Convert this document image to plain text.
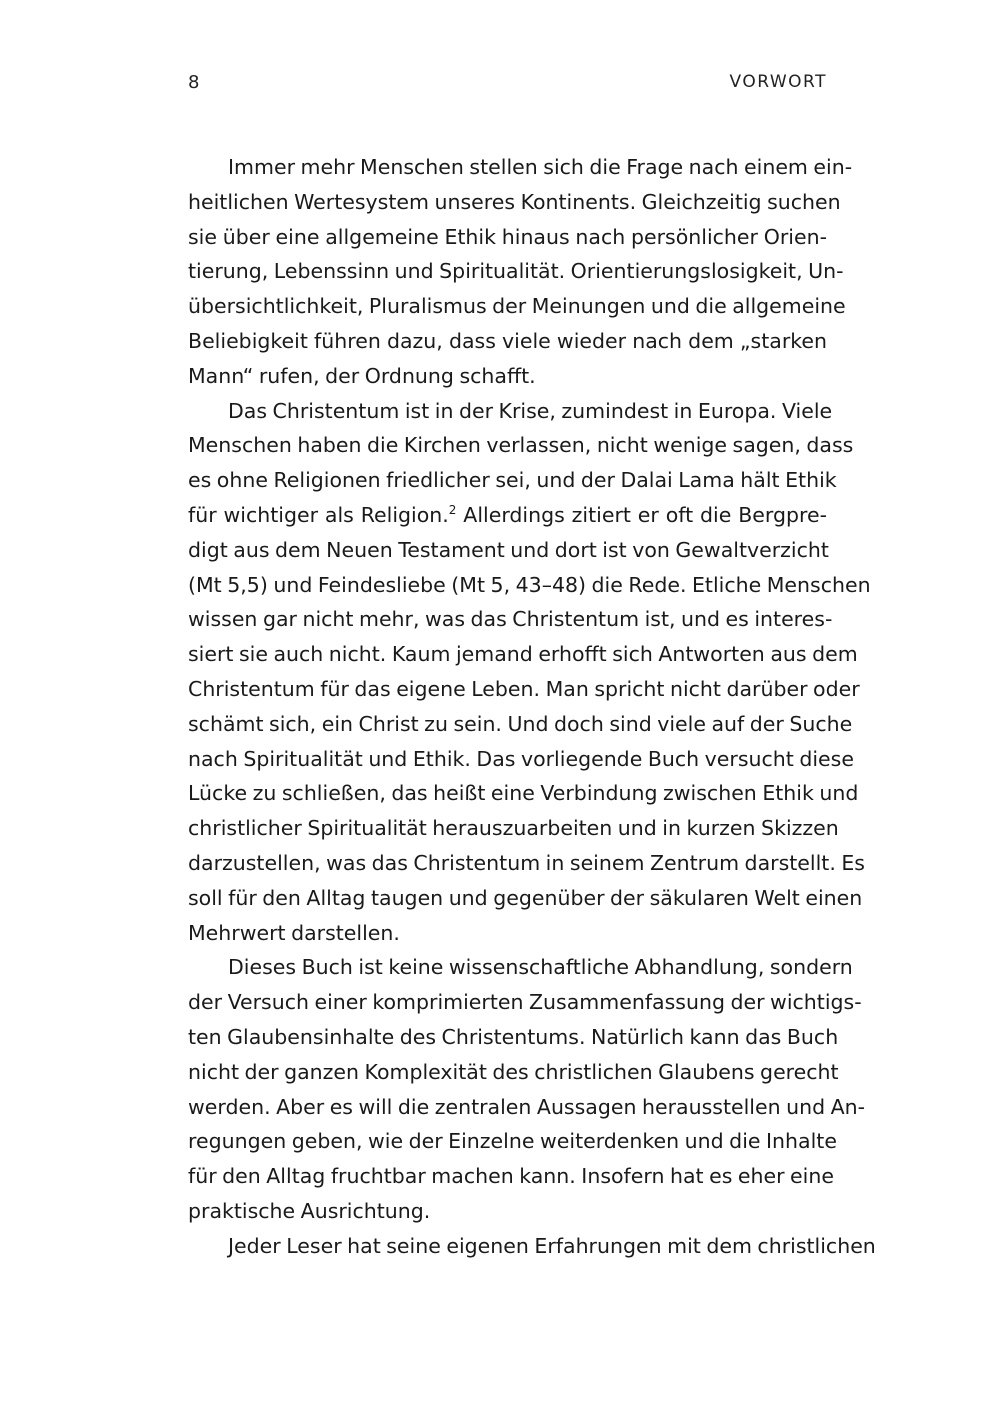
8	VORWORT
Immer mehr Menschen stellen sich die Frage nach einem ein-
heitlichen Wertesystem unseres Kontinents. Gleichzeitig suchen
sie über eine allgemeine Ethik hinaus nach persönlicher Orien-
tierung, Lebenssinn und Spiritualität. Orientierungslosigkeit, Un-
übersichtlichkeit, Pluralismus der Meinungen und die allgemeine
Beliebigkeit führen dazu, dass viele wieder nach dem „starken
Mann“ rufen, der Ordnung schafft.
Das Christentum ist in der Krise, zumindest in Europa. Viele
Menschen haben die Kirchen verlassen, nicht wenige sagen, dass
es ohne Religionen friedlicher sei, und der Dalai Lama hält Ethik
für wichtiger als Religion.$^2$ Allerdings zitiert er oft die Bergpre-
digt aus dem Neuen Testament und dort ist von Gewaltverzicht
(Mt 5,5) und Feindesliebe (Mt 5, 43–48) die Rede. Etliche Menschen
wissen gar nicht mehr, was das Christentum ist, und es interes-
siert sie auch nicht. Kaum jemand erhofft sich Antworten aus dem
Christentum für das eigene Leben. Man spricht nicht darüber oder
schämt sich, ein Christ zu sein. Und doch sind viele auf der Suche
nach Spiritualität und Ethik. Das vorliegende Buch versucht diese
Lücke zu schließen, das heißt eine Verbindung zwischen Ethik und
christlicher Spiritualität herauszuarbeiten und in kurzen Skizzen
darzustellen, was das Christentum in seinem Zentrum darstellt. Es
soll für den Alltag taugen und gegenüber der säkularen Welt einen
Mehrwert darstellen.
Dieses Buch ist keine wissenschaftliche Abhandlung, sondern
der Versuch einer komprimierten Zusammenfassung der wichtigs-
ten Glaubensinhalte des Christentums. Natürlich kann das Buch
nicht der ganzen Komplexität des christlichen Glaubens gerecht
werden. Aber es will die zentralen Aussagen herausstellen und An-
regungen geben, wie der Einzelne weiterdenken und die Inhalte
für den Alltag fruchtbar machen kann. Insofern hat es eher eine
praktische Ausrichtung.
Jeder Leser hat seine eigenen Erfahrungen mit dem christlichen
